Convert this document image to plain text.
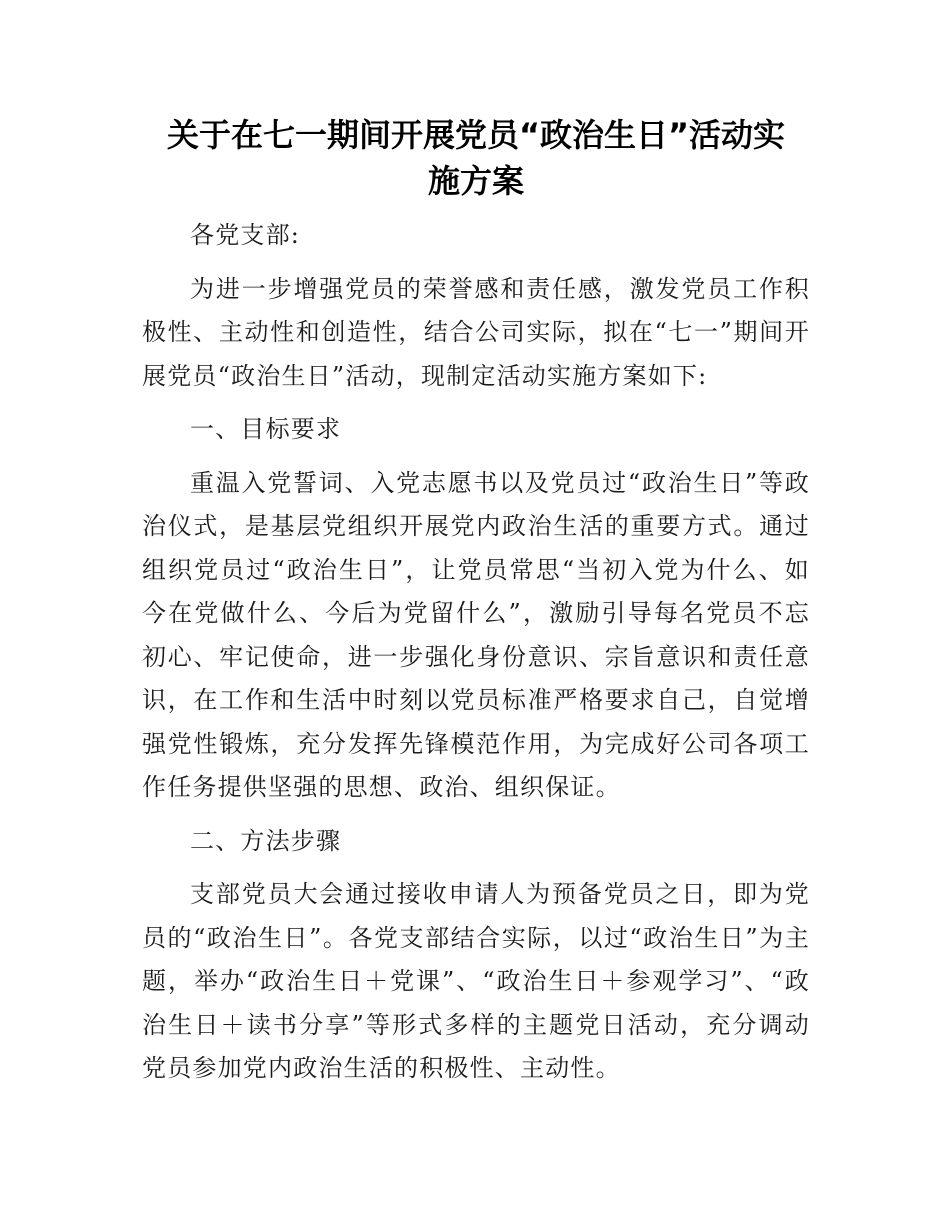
关于在七一期间开展党员“政治生日”活动实
施方案

各党支部:

为进一步增强党员的荣誉感和责任感，激发党员工作积极性、主动性和创造性，结合公司实际，拟在“七一”期间开展党员“政治生日”活动，现制定活动实施方案如下:

一、目标要求

重温入党誓词、入党志愿书以及党员过“政治生日”等政治仪式，是基层党组织开展党内政治生活的重要方式。通过组织党员过“政治生日”，让党员常思“当初入党为什么、如今在党做什么、今后为党留什么”，激励引导每名党员不忘初心、牢记使命，进一步强化身份意识、宗旨意识和责任意识，在工作和生活中时刻以党员标准严格要求自己，自觉增强党性锻炼，充分发挥先锋模范作用，为完成好公司各项工作任务提供坚强的思想、政治、组织保证。

二、方法步骤

支部党员大会通过接收申请人为预备党员之日，即为党员的“政治生日”。各党支部结合实际，以过“政治生日”为主题，举办“政治生日＋党课”、“政治生日＋参观学习”、“政治生日＋读书分享”等形式多样的主题党日活动，充分调动党员参加党内政治生活的积极性、主动性。
